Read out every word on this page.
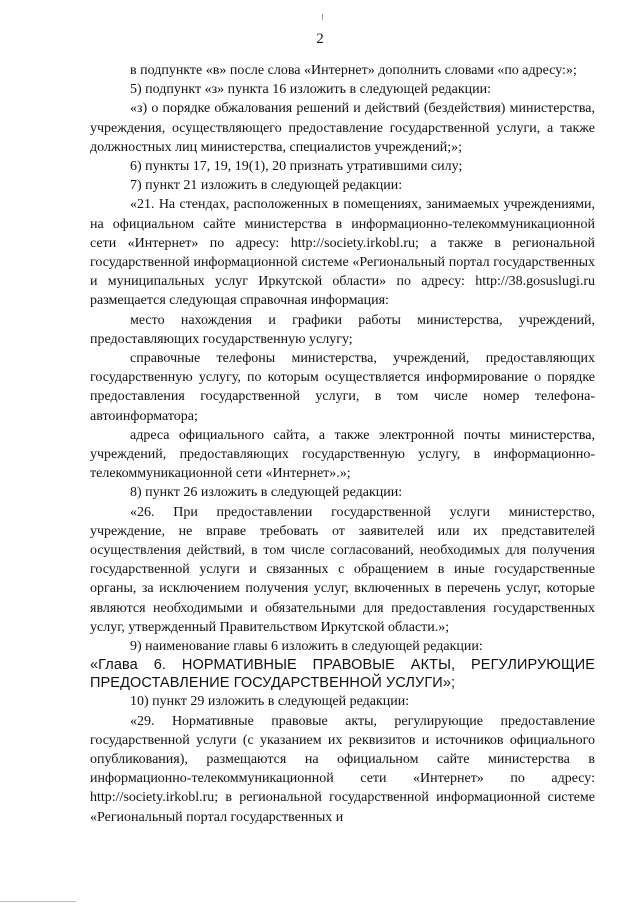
2

в подпункте «в» после слова «Интернет» дополнить словами «по адресу:»;

5) подпункт «з» пункта 16 изложить в следующей редакции:

«з) о порядке обжалования решений и действий (бездействия) министерства, учреждения, осуществляющего предоставление государственной услуги, а также должностных лиц министерства, специалистов учреждений;»;

6) пункты 17, 19, 19(1), 20 признать утратившими силу;

7) пункт 21 изложить в следующей редакции:

«21. На стендах, расположенных в помещениях, занимаемых учреждениями, на официальном сайте министерства в информационно-телекоммуникационной сети «Интернет» по адресу: http://society.irkobl.ru; а также в региональной государственной информационной системе «Региональный портал государственных и муниципальных услуг Иркутской области» по адресу: http://38.gosuslugi.ru размещается следующая справочная информация:

место нахождения и графики работы министерства, учреждений, предоставляющих государственную услугу;

справочные телефоны министерства, учреждений, предоставляющих государственную услугу, по которым осуществляется информирование о порядке предоставления государственной услуги, в том числе номер телефона-автоинформатора;

адреса официального сайта, а также электронной почты министерства, учреждений, предоставляющих государственную услугу, в информационно-телекоммуникационной сети «Интернет».»;

8) пункт 26 изложить в следующей редакции:

«26. При предоставлении государственной услуги министерство, учреждение, не вправе требовать от заявителей или их представителей осуществления действий, в том числе согласований, необходимых для получения государственной услуги и связанных с обращением в иные государственные органы, за исключением получения услуг, включенных в перечень услуг, которые являются необходимыми и обязательными для предоставления государственных услуг, утвержденный Правительством Иркутской области.»;

9) наименование главы 6 изложить в следующей редакции:

«Глава 6. НОРМАТИВНЫЕ ПРАВОВЫЕ АКТЫ, РЕГУЛИРУЮЩИЕ ПРЕДОСТАВЛЕНИЕ ГОСУДАРСТВЕННОЙ УСЛУГИ»;

10) пункт 29 изложить в следующей редакции:

«29. Нормативные правовые акты, регулирующие предоставление государственной услуги (с указанием их реквизитов и источников официального опубликования), размещаются на официальном сайте министерства в информационно-телекоммуникационной сети «Интернет» по адресу: http://society.irkobl.ru; в региональной государственной информационной системе «Региональный портал государственных и
